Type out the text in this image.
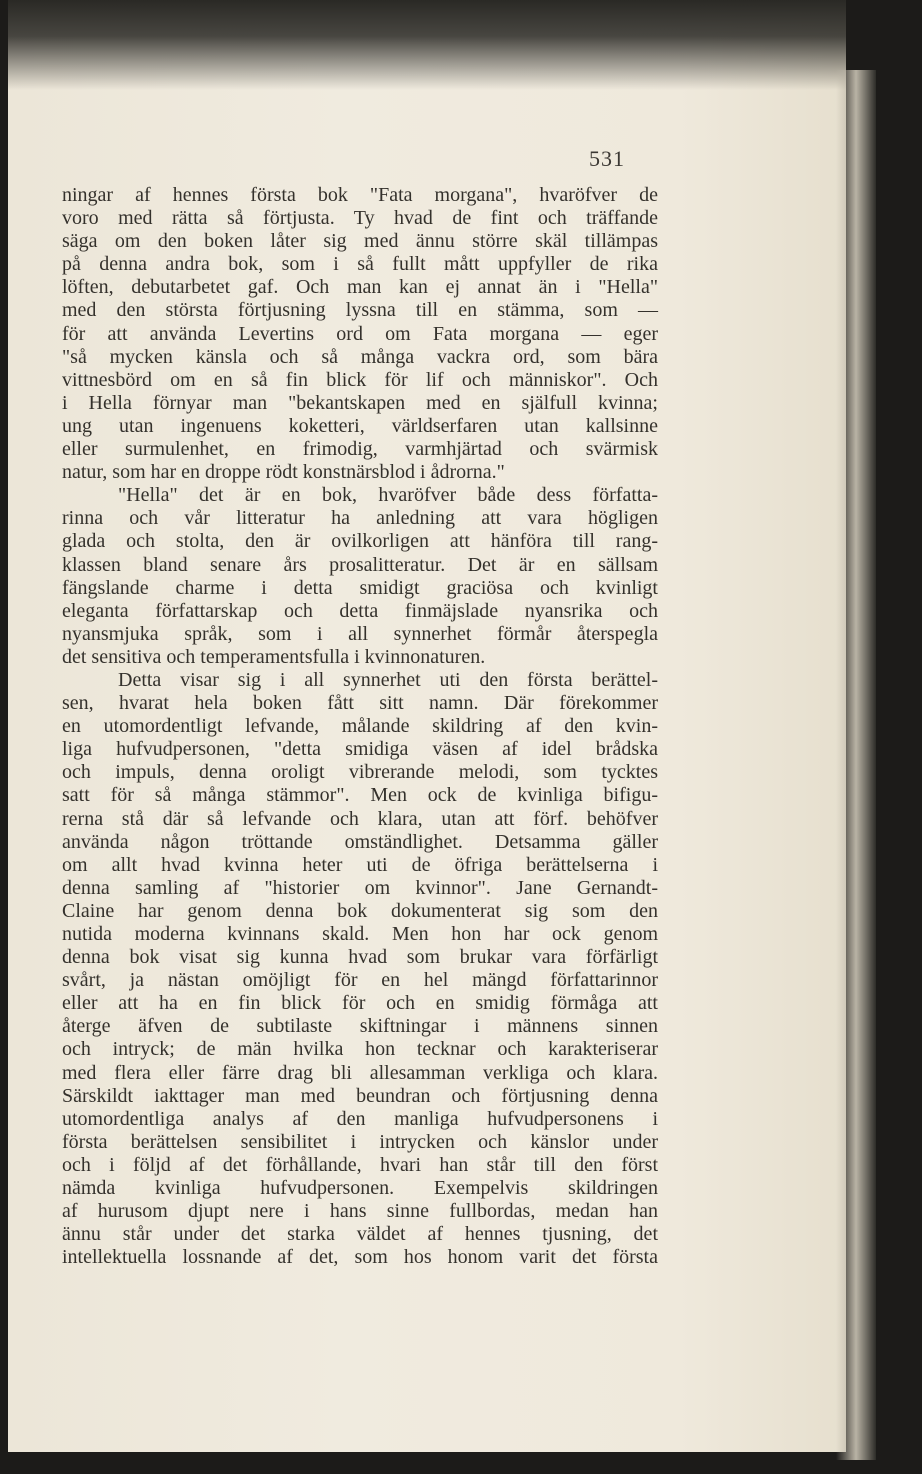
531
ningar af hennes första bok "Fata morgana", hvaröfver de
voro med rätta så förtjusta. Ty hvad de fint och träffande
säga om den boken låter sig med ännu större skäl tillämpas
på denna andra bok, som i så fullt mått uppfyller de rika
löften, debutarbetet gaf. Och man kan ej annat än i "Hella"
med den största förtjusning lyssna till en stämma, som —
för att använda Levertins ord om Fata morgana — eger
"så mycken känsla och så många vackra ord, som bära
vittnesbörd om en så fin blick för lif och människor". Och
i Hella förnyar man "bekantskapen med en själfull kvinna;
ung utan ingenuens koketteri, världserfaren utan kallsinne
eller surmulenhet, en frimodig, varmhjärtad och svärmisk
natur, som har en droppe rödt konstnärsblod i ådrorna."
"Hella" det är en bok, hvaröfver både dess författa-
rinna och vår litteratur ha anledning att vara högligen
glada och stolta, den är ovilkorligen att hänföra till rang-
klassen bland senare års prosalitteratur. Det är en sällsam
fängslande charme i detta smidigt graciösa och kvinligt
eleganta författarskap och detta finmäjslade nyansrika och
nyansmjuka språk, som i all synnerhet förmår återspegla
det sensitiva och temperamentsfulla i kvinnonaturen.
Detta visar sig i all synnerhet uti den första berättel-
sen, hvarat hela boken fått sitt namn. Där förekommer
en utomordentligt lefvande, målande skildring af den kvin-
liga hufvudpersonen, "detta smidiga väsen af idel brådska
och impuls, denna oroligt vibrerande melodi, som tycktes
satt för så många stämmor". Men ock de kvinliga bifigu-
rerna stå där så lefvande och klara, utan att förf. behöfver
använda någon tröttande omständlighet. Detsamma gäller
om allt hvad kvinna heter uti de öfriga berättelserna i
denna samling af "historier om kvinnor". Jane Gernandt-
Claine har genom denna bok dokumenterat sig som den
nutida moderna kvinnans skald. Men hon har ock genom
denna bok visat sig kunna hvad som brukar vara förfärligt
svårt, ja nästan omöjligt för en hel mängd författarinnor
eller att ha en fin blick för och en smidig förmåga att
återge äfven de subtilaste skiftningar i männens sinnen
och intryck; de män hvilka hon tecknar och karakteriserar
med flera eller färre drag bli allesamman verkliga och klara.
Särskildt iakttager man med beundran och förtjusning denna
utomordentliga analys af den manliga hufvudpersonens i
första berättelsen sensibilitet i intrycken och känslor under
och i följd af det förhållande, hvari han står till den först
nämda kvinliga hufvudpersonen. Exempelvis skildringen
af hurusom djupt nere i hans sinne fullbordas, medan han
ännu står under det starka väldet af hennes tjusning, det
intellektuella lossnande af det, som hos honom varit det första
